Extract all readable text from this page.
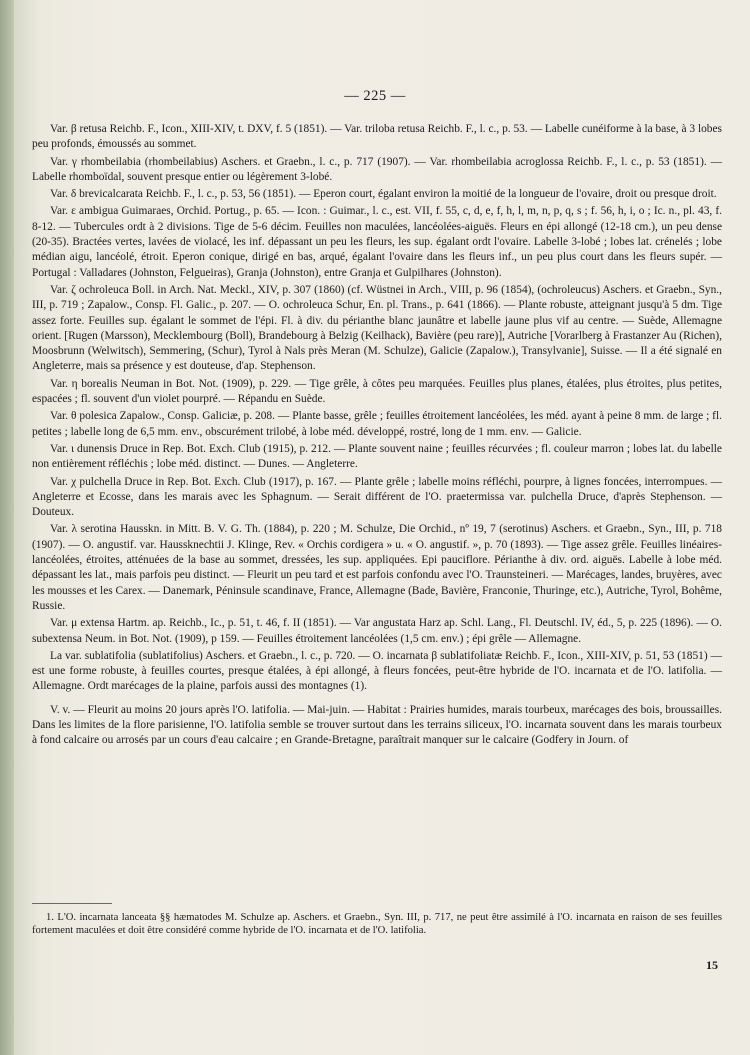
— 225 —

Var. β retusa Reichb. F., Icon., XIII-XIV, t. DXV, f. 5 (1851). — Var. triloba retusa Reichb. F., l. c., p. 53. — Labelle cunéiforme à la base, à 3 lobes peu profonds, émoussés au sommet.

Var. γ rhombeilabia (rhombeilabius) Aschers. et Graebn., l. c., p. 717 (1907). — Var. rhombeilabia acroglossa Reichb. F., l. c., p. 53 (1851). — Labelle rhomboïdal, souvent presque entier ou légèrement 3-lobé.

Var. δ brevicalcarata Reichb. F., l. c., p. 53, 56 (1851). — Eperon court, égalant environ la moitié de la longueur de l'ovaire, droit ou presque droit.

Var. ε ambigua Guimaraes, Orchid. Portug., p. 65. — Icon. : Guimar., l. c., est. VII, f. 55, c, d, e, f, h, l, m, n, p, q, s ; f. 56, h, i, o ; Ic. n., pl. 43, f. 8-12. — Tubercules ordt à 2 divisions. Tige de 5-6 décim. Feuilles non maculées, lancéolées-aiguës. Fleurs en épi allongé (12-18 cm.), un peu dense (20-35). Bractées vertes, lavées de violacé, les inf. dépassant un peu les fleurs, les sup. égalant ordt l'ovaire. Labelle 3-lobé ; lobes lat. crénelés ; lobe médian aigu, lancéolé, étroit. Eperon conique, dirigé en bas, arqué, égalant l'ovaire dans les fleurs inf., un peu plus court dans les fleurs supér. — Portugal : Valladares (Johnston, Felgueiras), Granja (Johnston), entre Granja et Gulpilhares (Johnston).

Var. ζ ochroleuca Boll. in Arch. Nat. Meckl., XIV, p. 307 (1860) (cf. Wüstnei in Arch., VIII, p. 96 (1854), (ochroleucus) Aschers. et Graebn., Syn., III, p. 719 ; Zapalow., Consp. Fl. Galic., p. 207. — O. ochroleuca Schur, En. pl. Trans., p. 641 (1866). — Plante robuste, atteignant jusqu'à 5 dm. Tige assez forte. Feuilles sup. égalant le sommet de l'épi. Fl. à div. du périanthe blanc jaunâtre et labelle jaune plus vif au centre. — Suède, Allemagne orient. [Rugen (Marsson), Mecklembourg (Boll), Brandebourg à Belzig (Keilhack), Bavière (peu rare)], Autriche [Vorarlberg à Frastanzer Au (Richen), Moosbrunn (Welwitsch), Semmering, (Schur), Tyrol à Nals près Meran (M. Schulze), Galicie (Zapalow.), Transylvanie], Suisse. — Il a été signalé en Angleterre, mais sa présence y est douteuse, d'ap. Stephenson.

Var. η borealis Neuman in Bot. Not. (1909), p. 229. — Tige grêle, à côtes peu marquées. Feuilles plus planes, étalées, plus étroites, plus petites, espacées ; fl. souvent d'un violet pourpré. — Répandu en Suède.

Var. θ polesica Zapalow., Consp. Galiciæ, p. 208. — Plante basse, grêle ; feuilles étroitement lancéolées, les méd. ayant à peine 8 mm. de large ; fl. petites ; labelle long de 6,5 mm. env., obscurément trilobé, à lobe méd. développé, rostré, long de 1 mm. env. — Galicie.

Var. ι dunensis Druce in Rep. Bot. Exch. Club (1915), p. 212. — Plante souvent naine ; feuilles récurvées ; fl. couleur marron ; lobes lat. du labelle non entièrement réfléchis ; lobe méd. distinct. — Dunes. — Angleterre.

Var. χ pulchella Druce in Rep. Bot. Exch. Club (1917), p. 167. — Plante grêle ; labelle moins réfléchi, pourpre, à lignes foncées, interrompues. — Angleterre et Ecosse, dans les marais avec les Sphagnum. — Serait différent de l'O. praetermissa var. pulchella Druce, d'après Stephenson. — Douteux.

Var. λ serotina Hausskn. in Mitt. B. V. G. Th. (1884), p. 220 ; M. Schulze, Die Orchid., nº 19, 7 (serotinus) Aschers. et Graebn., Syn., III, p. 718 (1907). — O. angustif. var. Haussknechtii J. Klinge, Rev. « Orchis cordigera » u. « O. angustif. », p. 70 (1893). — Tige assez grêle. Feuilles linéaires-lancéolées, étroites, atténuées de la base au sommet, dressées, les sup. appliquées. Epi pauciflore. Périanthe à div. ord. aiguës. Labelle à lobe méd. dépassant les lat., mais parfois peu distinct. — Fleurit un peu tard et est parfois confondu avec l'O. Traunsteineri. — Marécages, landes, bruyères, avec les mousses et les Carex. — Danemark, Péninsule scandinave, France, Allemagne (Bade, Bavière, Franconie, Thuringe, etc.), Autriche, Tyrol, Bohême, Russie.

Var. μ extensa Hartm. ap. Reichb., Ic., p. 51, t. 46, f. II (1851). — Var angustata Harz ap. Schl. Lang., Fl. Deutschl. IV, éd., 5, p. 225 (1896). — O. subextensa Neum. in Bot. Not. (1909), p 159. — Feuilles étroitement lancéolées (1,5 cm. env.) ; épi grêle — Allemagne.

La var. sublatifolia (sublatifolius) Aschers. et Graebn., l. c., p. 720. — O. incarnata β sublatifoliatæ Reichb. F., Icon., XIII-XIV, p. 51, 53 (1851) — est une forme robuste, à feuilles courtes, presque étalées, à épi allongé, à fleurs foncées, peut-être hybride de l'O. incarnata et de l'O. latifolia. — Allemagne. Ordt marécages de la plaine, parfois aussi des montagnes (1).

V. v. — Fleurit au moins 20 jours après l'O. latifolia. — Mai-juin. — Habitat : Prairies humides, marais tourbeux, marécages des bois, broussailles. Dans les limites de la flore parisienne, l'O. latifolia semble se trouver surtout dans les terrains siliceux, l'O. incarnata souvent dans les marais tourbeux à fond calcaire ou arrosés par un cours d'eau calcaire ; en Grande-Bretagne, paraîtrait manquer sur le calcaire (Godfery in Journ. of

1. L'O. incarnata lanceata §§ hæmatodes M. Schulze ap. Aschers. et Graebn., Syn. III, p. 717, ne peut être assimilé à l'O. incarnata en raison de ses feuilles fortement maculées et doit être considéré comme hybride de l'O. incarnata et de l'O. latifolia.
15
